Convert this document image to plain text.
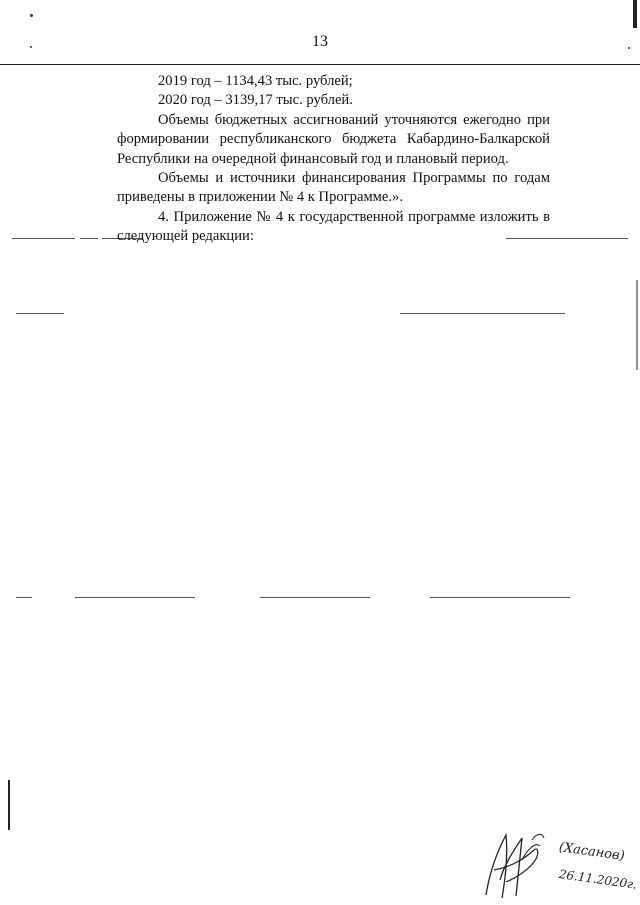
13

2019 год – 1134,43 тыс. рублей;

2020 год – 3139,17 тыс. рублей.

Объемы бюджетных ассигнований уточняются ежегодно при формировании республиканского бюджета Кабардино-Балкарской Республики на очередной финансовый год и плановый период.

Объемы и источники финансирования Программы по годам приведены в приложении № 4 к Программе.».

4. Приложение № 4 к государственной программе изложить в следующей редакции:

(Хасанов)
26.11.2020г.
